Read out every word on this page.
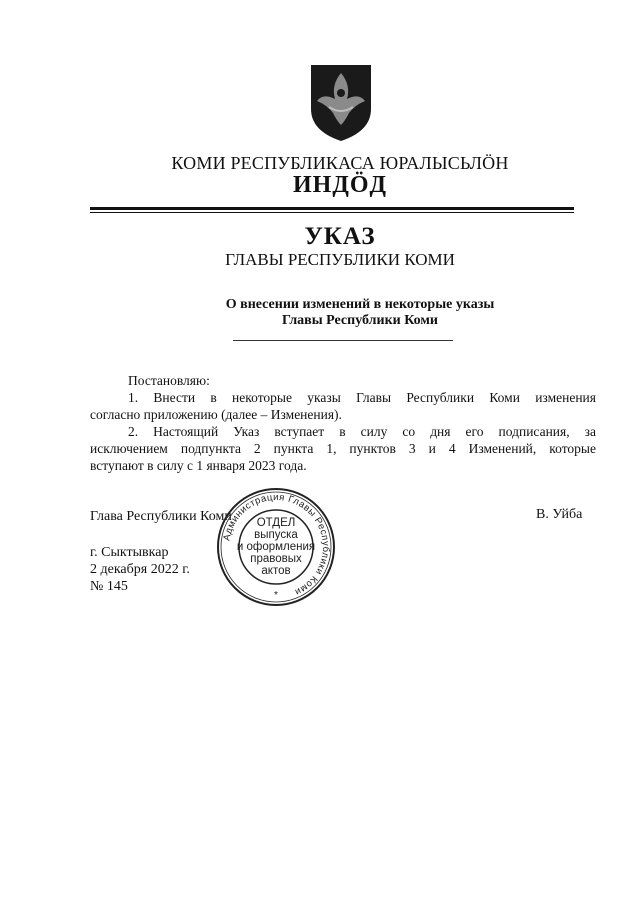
КОМИ РЕСПУБЛИКАСА ЮРАЛЫСЬЛӦН
ИНДӦД
УКАЗ
ГЛАВЫ РЕСПУБЛИКИ КОМИ
О внесении изменений в некоторые указы
Главы Республики Коми

Постановляю:

1. Внести в некоторые указы Главы Республики Коми изменения

согласно приложению (далее – Изменения).

2. Настоящий Указ вступает в силу со дня его подписания, за

исключением подпункта 2 пункта 1, пунктов 3 и 4 Изменений, которые

вступают в силу с 1 января 2023 года.

Глава Республики Коми	В. Уйба
г. Сыктывкар
2 декабря 2022 г.
№ 145
Администрация Главы Республики Коми
ОТДЕЛ
выпуска
и оформления
правовых
актов
*
